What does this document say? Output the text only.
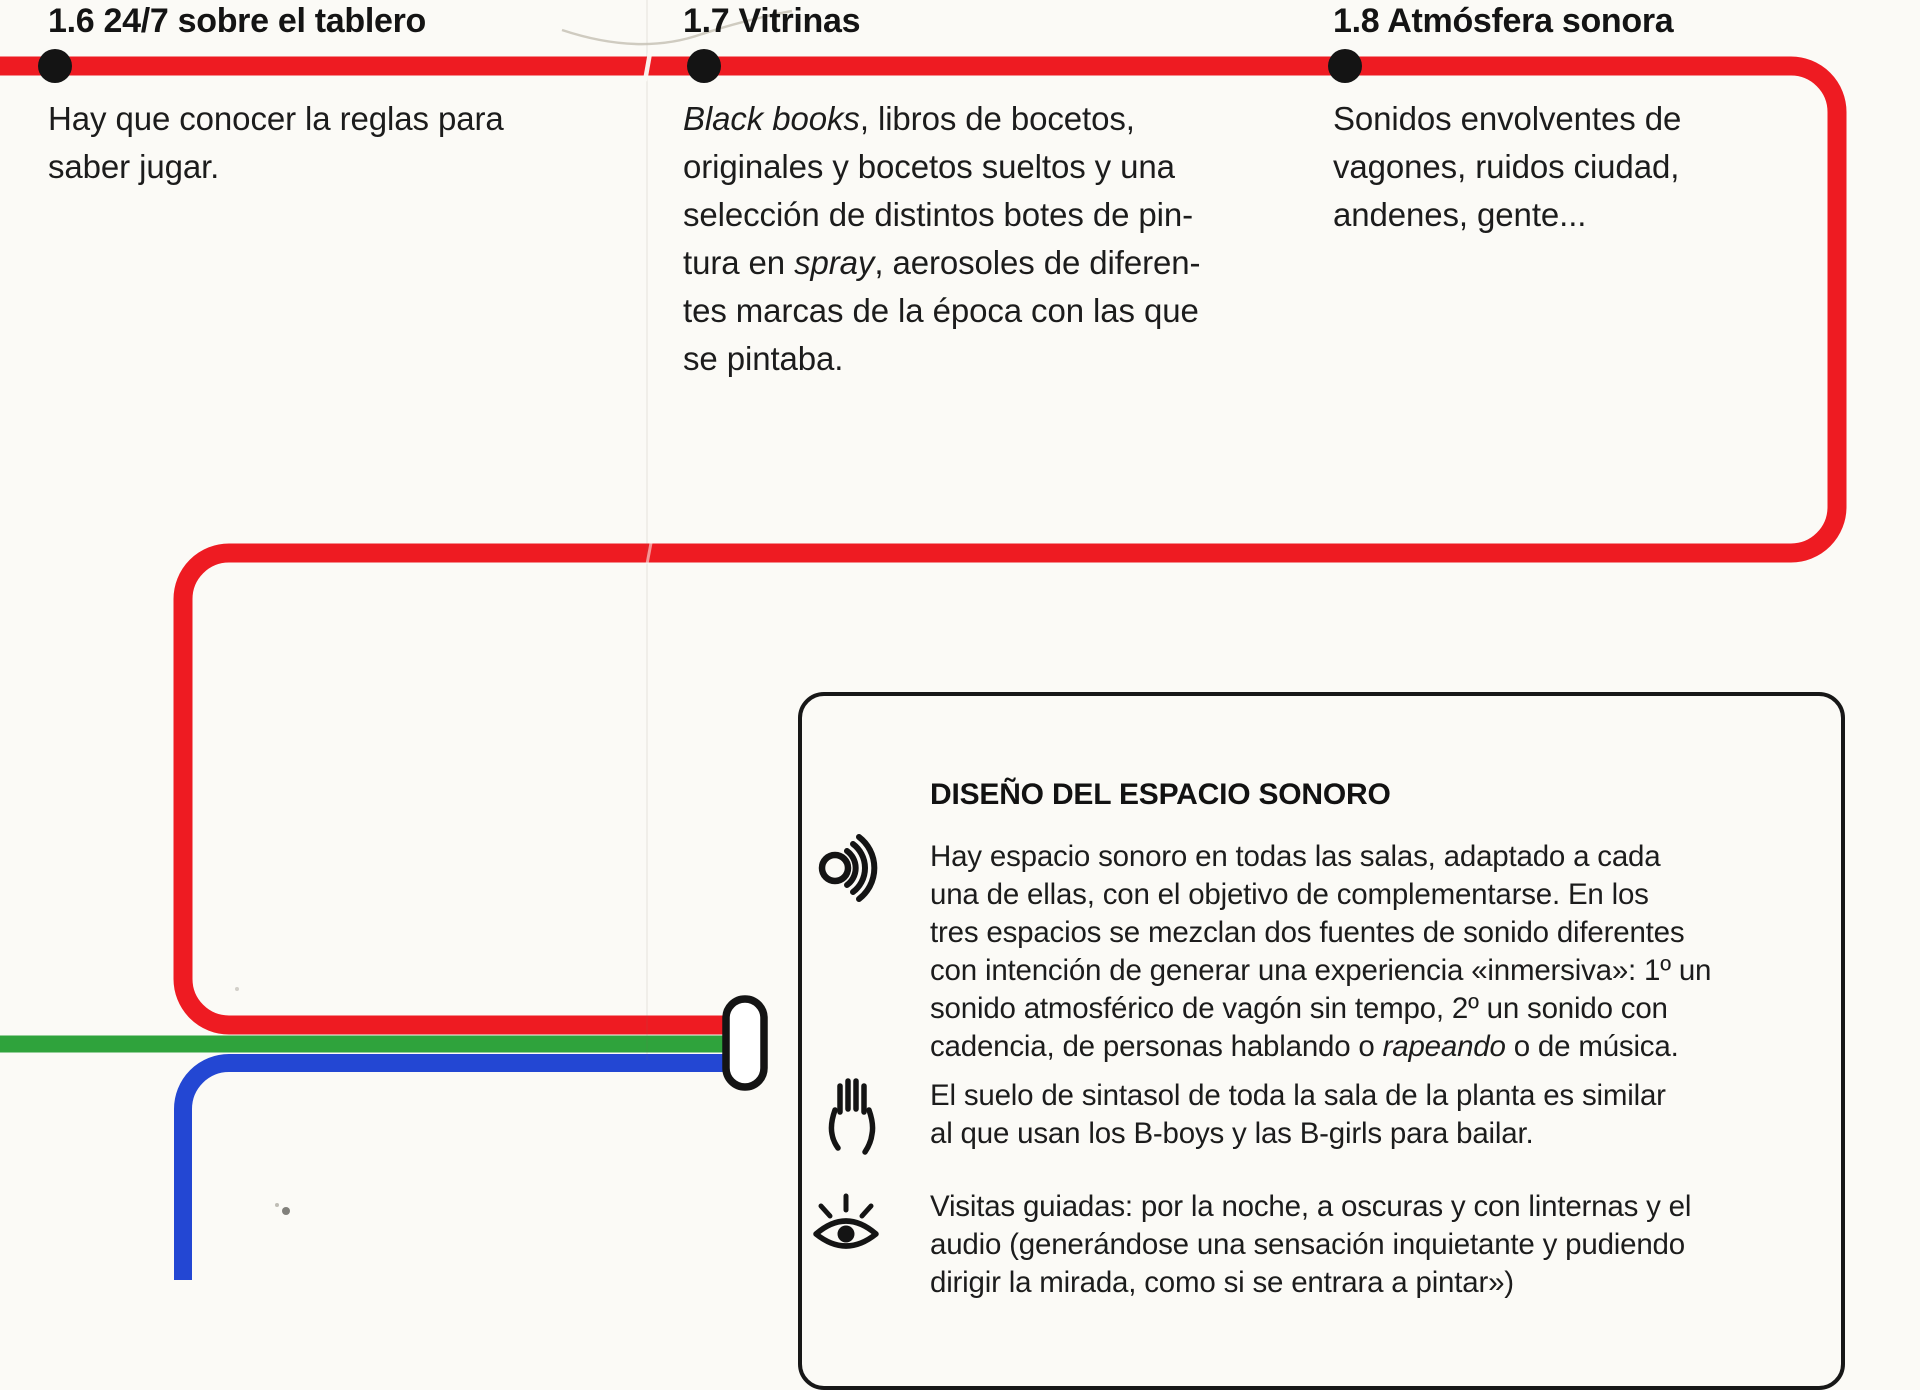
1.6 24/7 sobre el tablero
Hay que conocer la reglas para
saber jugar.
1.7 Vitrinas
Black books, libros de bocetos,
originales y bocetos sueltos y una
selección de distintos botes de pin-
tura en spray, aerosoles de diferen-
tes marcas de la época con las que
se pintaba.
1.8 Atmósfera sonora
Sonidos envolventes de
vagones, ruidos ciudad,
andenes, gente...
DISEÑO DEL ESPACIO SONORO
Hay espacio sonoro en todas las salas, adaptado a cada
una de ellas, con el objetivo de complementarse. En los
tres espacios se mezclan dos fuentes de sonido diferentes
con intención de generar una experiencia «inmersiva»: 1º un
sonido atmosférico de vagón sin tempo, 2º un sonido con
cadencia, de personas hablando o rapeando o de música.
El suelo de sintasol de toda la sala de la planta es similar
al que usan los B-boys y las B-girls para bailar.
Visitas guiadas: por la noche, a oscuras y con linternas y el
audio (generándose una sensación inquietante y pudiendo
dirigir la mirada, como si se entrara a pintar»)
